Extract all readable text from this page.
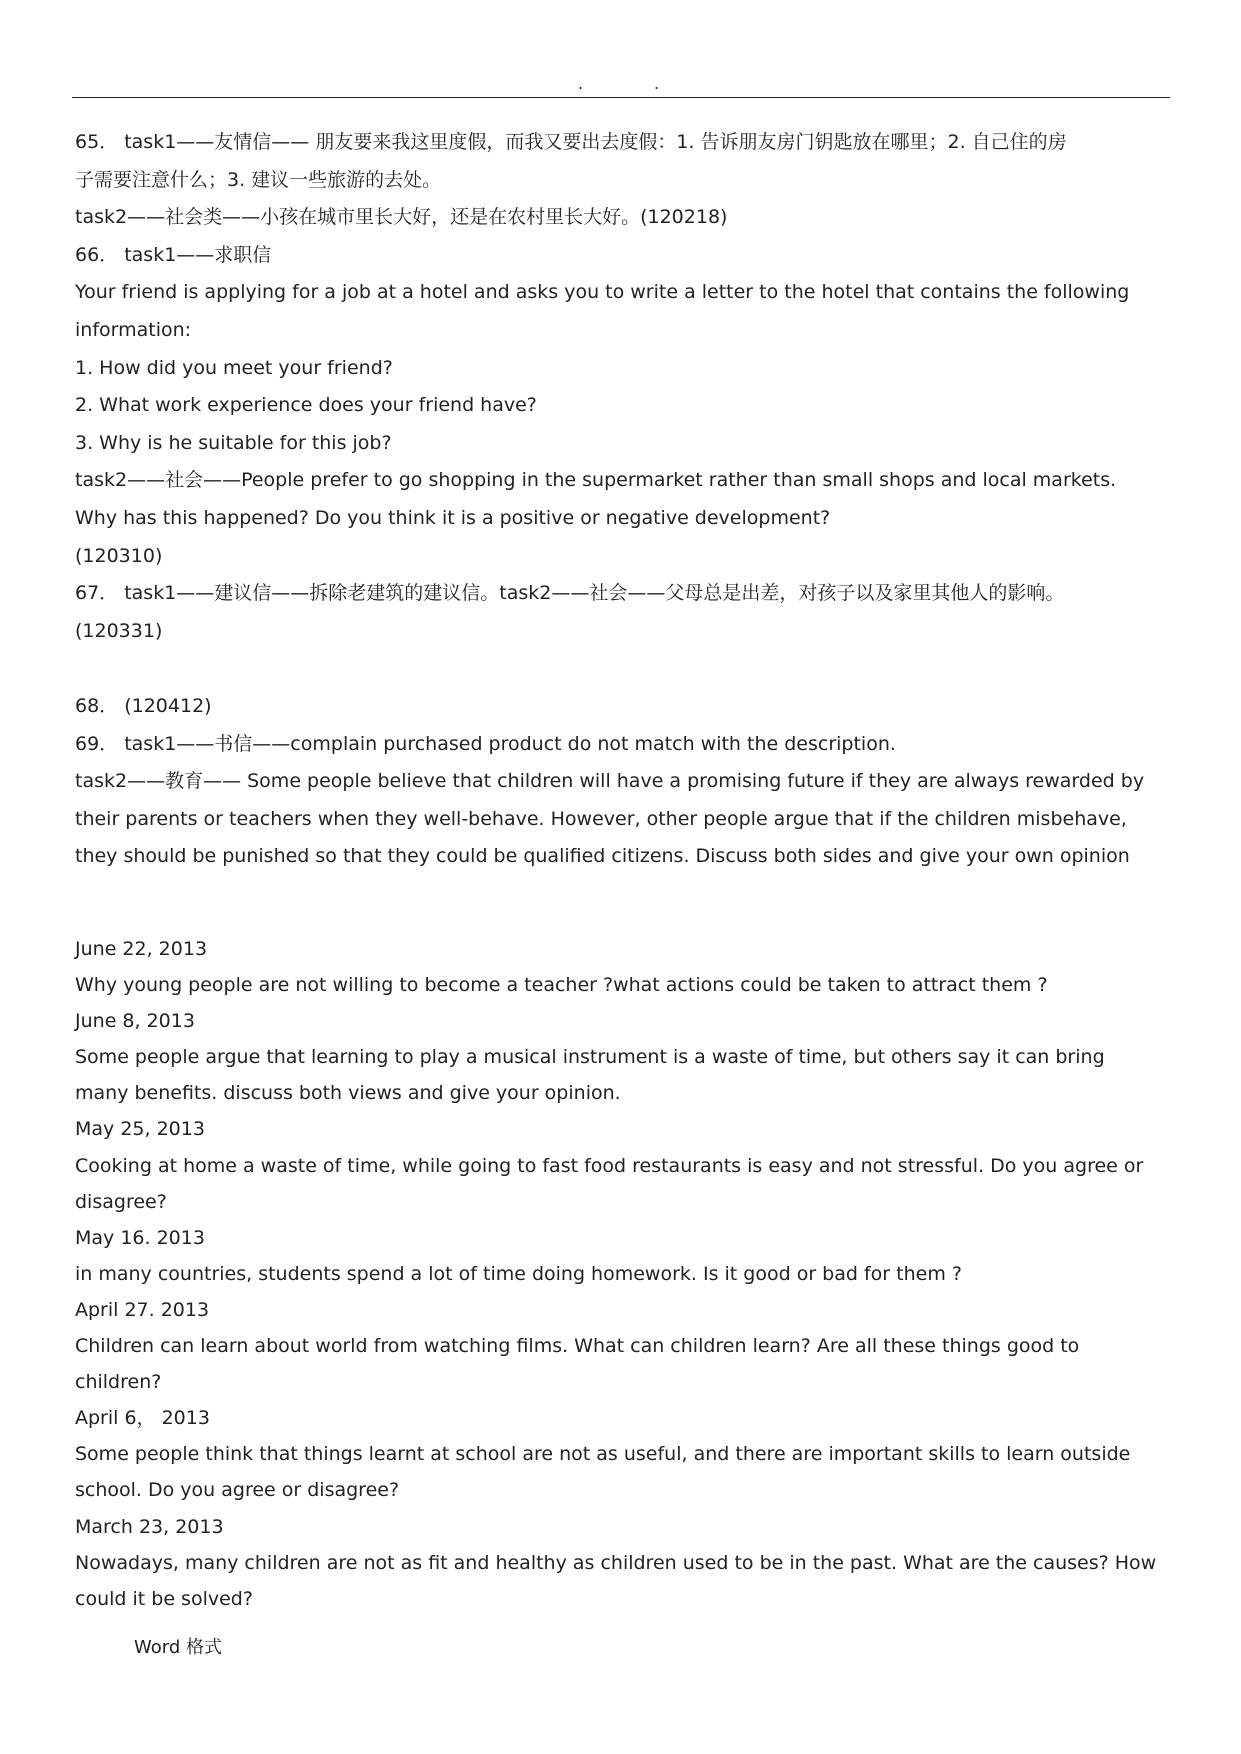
.	.
65． task1——友情信—— 朋友要来我这里度假，而我又要出去度假：1. 告诉朋友房门钥匙放在哪里；2. 自己住的房
子需要注意什么；3. 建议一些旅游的去处。
task2——社会类——小孩在城市里长大好，还是在农村里长大好。(120218)
66． task1——求职信
Your friend is applying for a job at a hotel and asks you to write a letter to the hotel that contains the following
information:
1. How did you meet your friend?
2. What work experience does your friend have?
3. Why is he suitable for this job?
task2——社会——People prefer to go shopping in the supermarket rather than small shops and local markets.
Why has this happened? Do you think it is a positive or negative development?
(120310)
67． task1——建议信——拆除老建筑的建议信。task2——社会——父母总是出差，对孩子以及家里其他人的影响。
(120331)
68． (120412)
69． task1——书信——complain purchased product do not match with the description.
task2——教育—— Some people believe that children will have a promising future if they are always rewarded by
their parents or teachers when they well-behave. However, other people argue that if the children misbehave,
they should be punished so that they could be qualified citizens. Discuss both sides and give your own opinion
June 22, 2013
Why young people are not willing to become a teacher ?what actions could be taken to attract them ?
June 8, 2013
Some people argue that learning to play a musical instrument is a waste of time, but others say it can bring
many benefits. discuss both views and give your opinion.
May 25, 2013
Cooking at home a waste of time, while going to fast food restaurants is easy and not stressful. Do you agree or
disagree?
May 16. 2013
in many countries, students spend a lot of time doing homework. Is it good or bad for them ?
April 27. 2013
Children can learn about world from watching films. What can children learn? Are all these things good to
children?
April 6， 2013
Some people think that things learnt at school are not as useful, and there are important skills to learn outside
school. Do you agree or disagree?
March 23, 2013
Nowadays, many children are not as fit and healthy as children used to be in the past. What are the causes? How
could it be solved?
Word 格式
